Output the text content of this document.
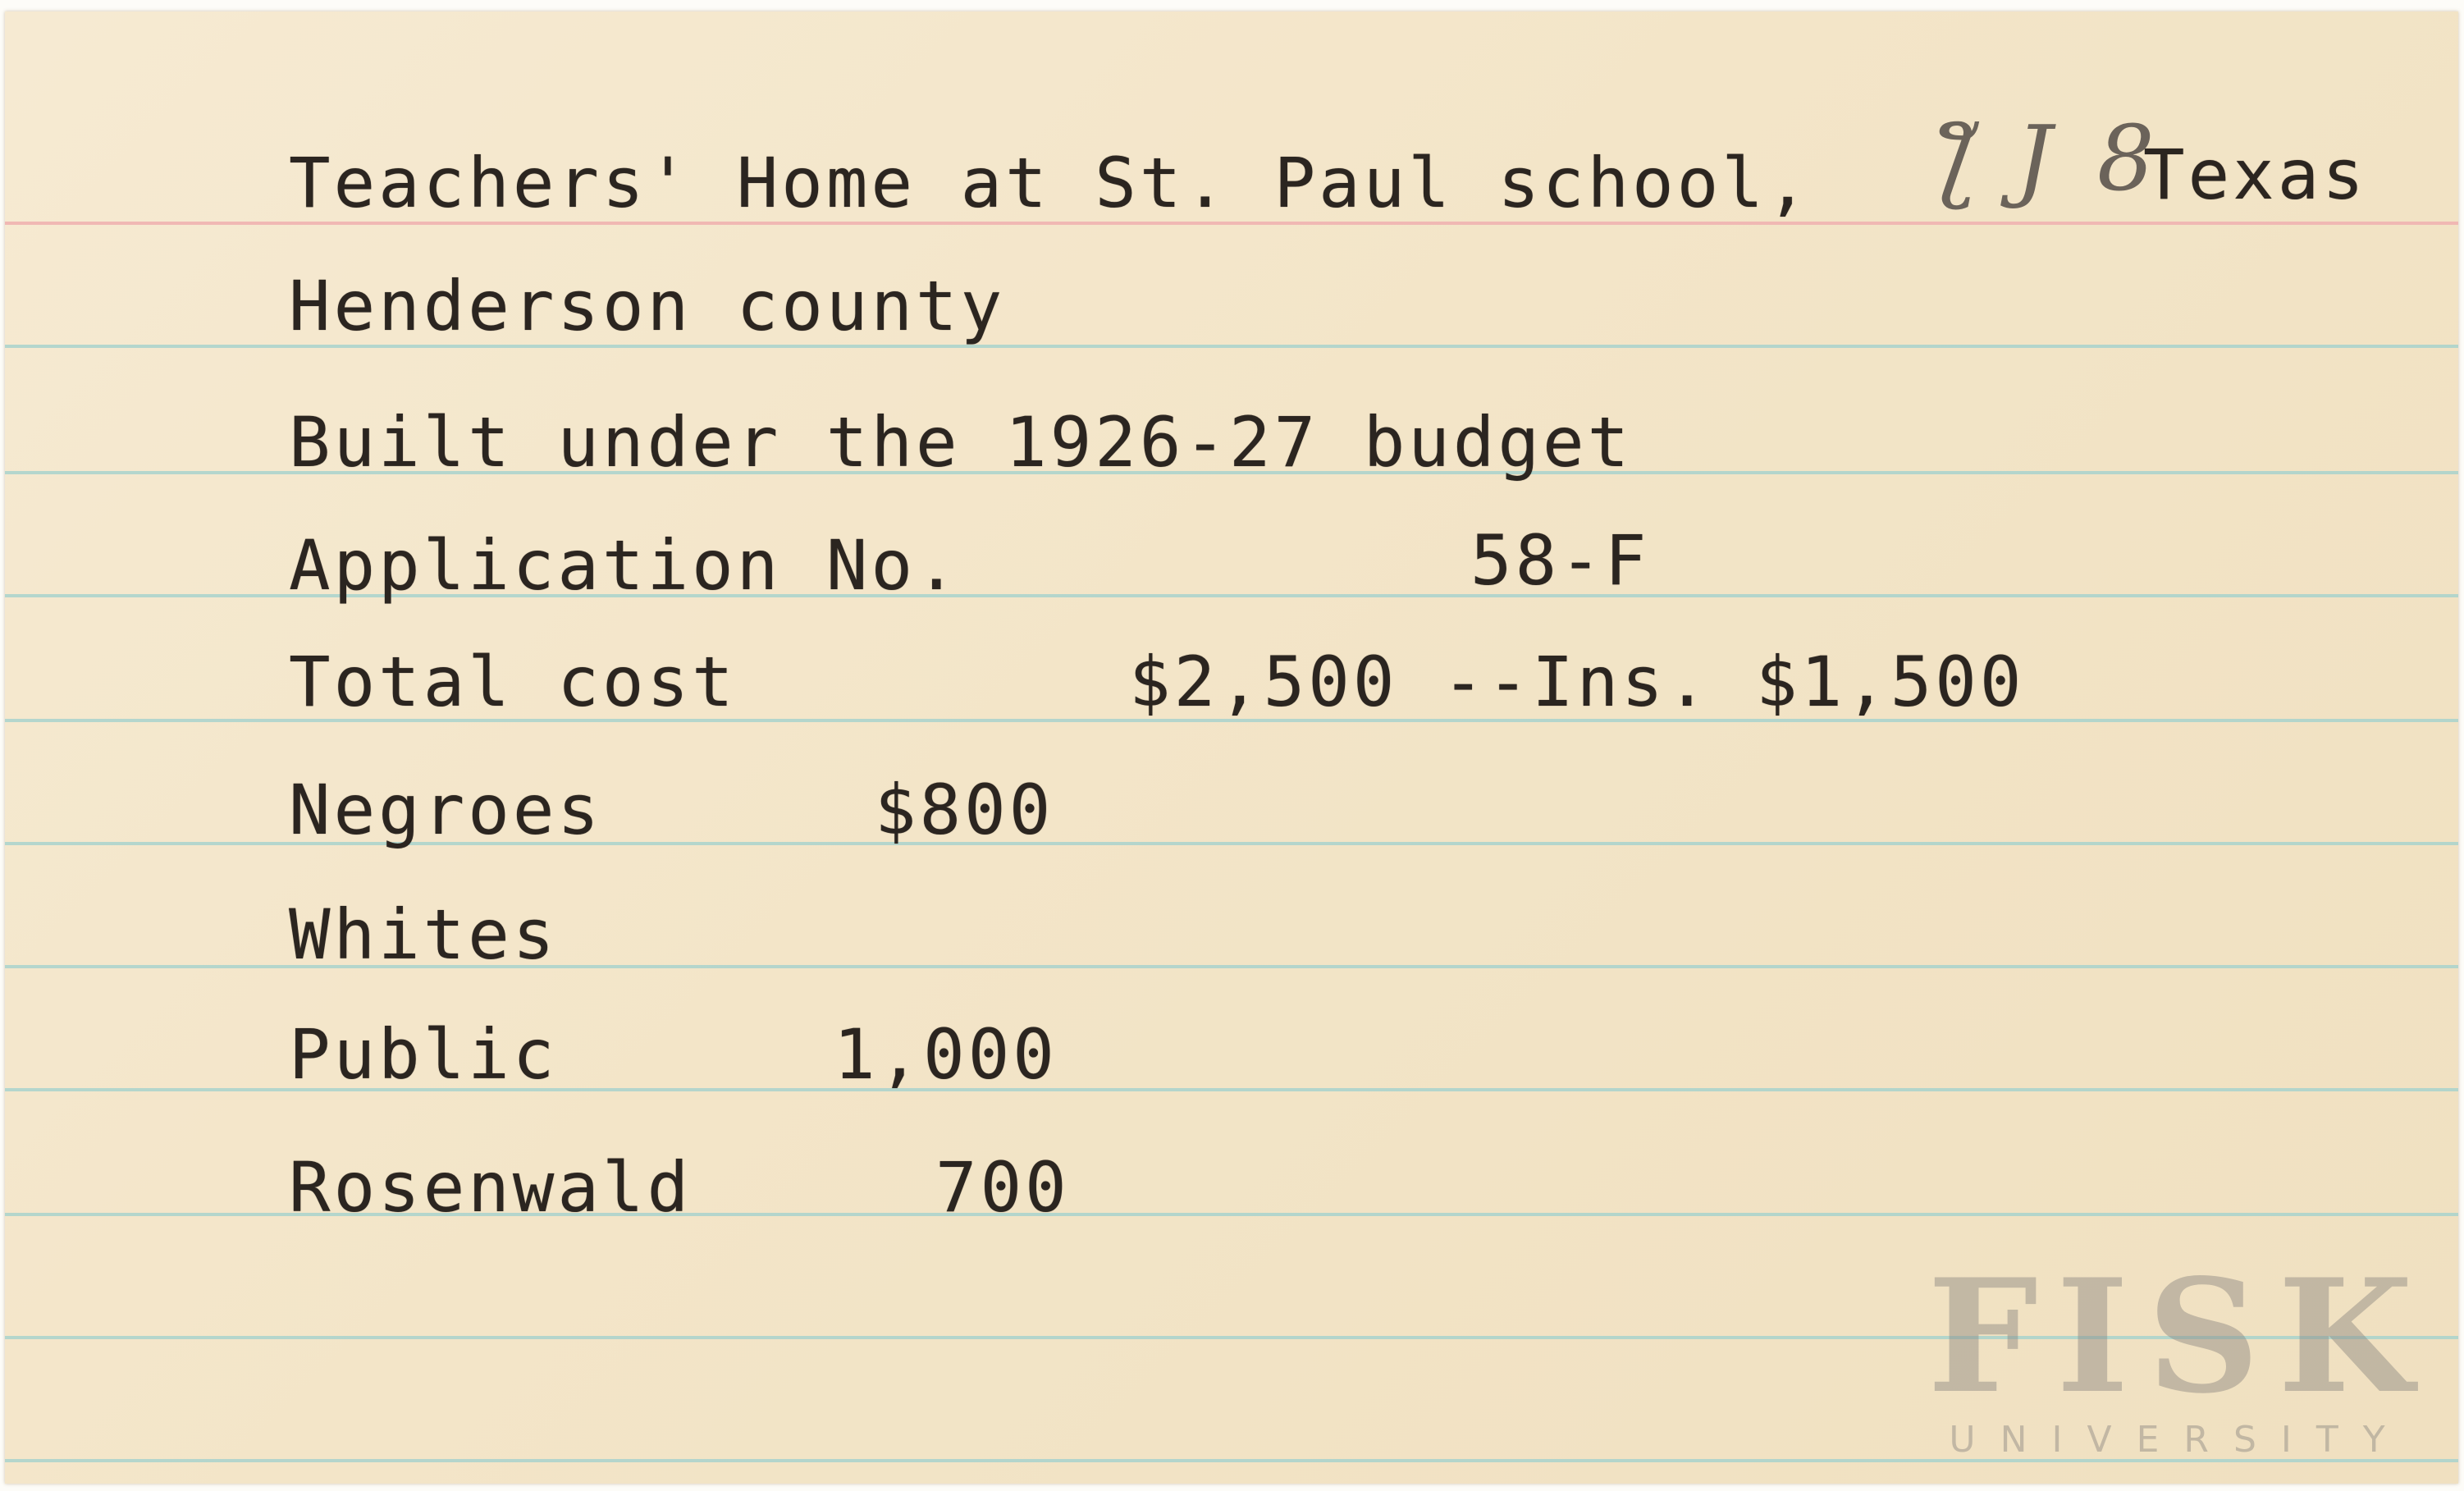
Teachers' Home at St. Paul school, ƪ J 8
Texas
Henderson county
Built under the 1926-27 budget
Application No.	58-F
Total cost	$2,500 --Ins. $1,500
Negroes	$800
Whites
Public	1,000
Rosenwald	700
FISK
UNIVERSITY
